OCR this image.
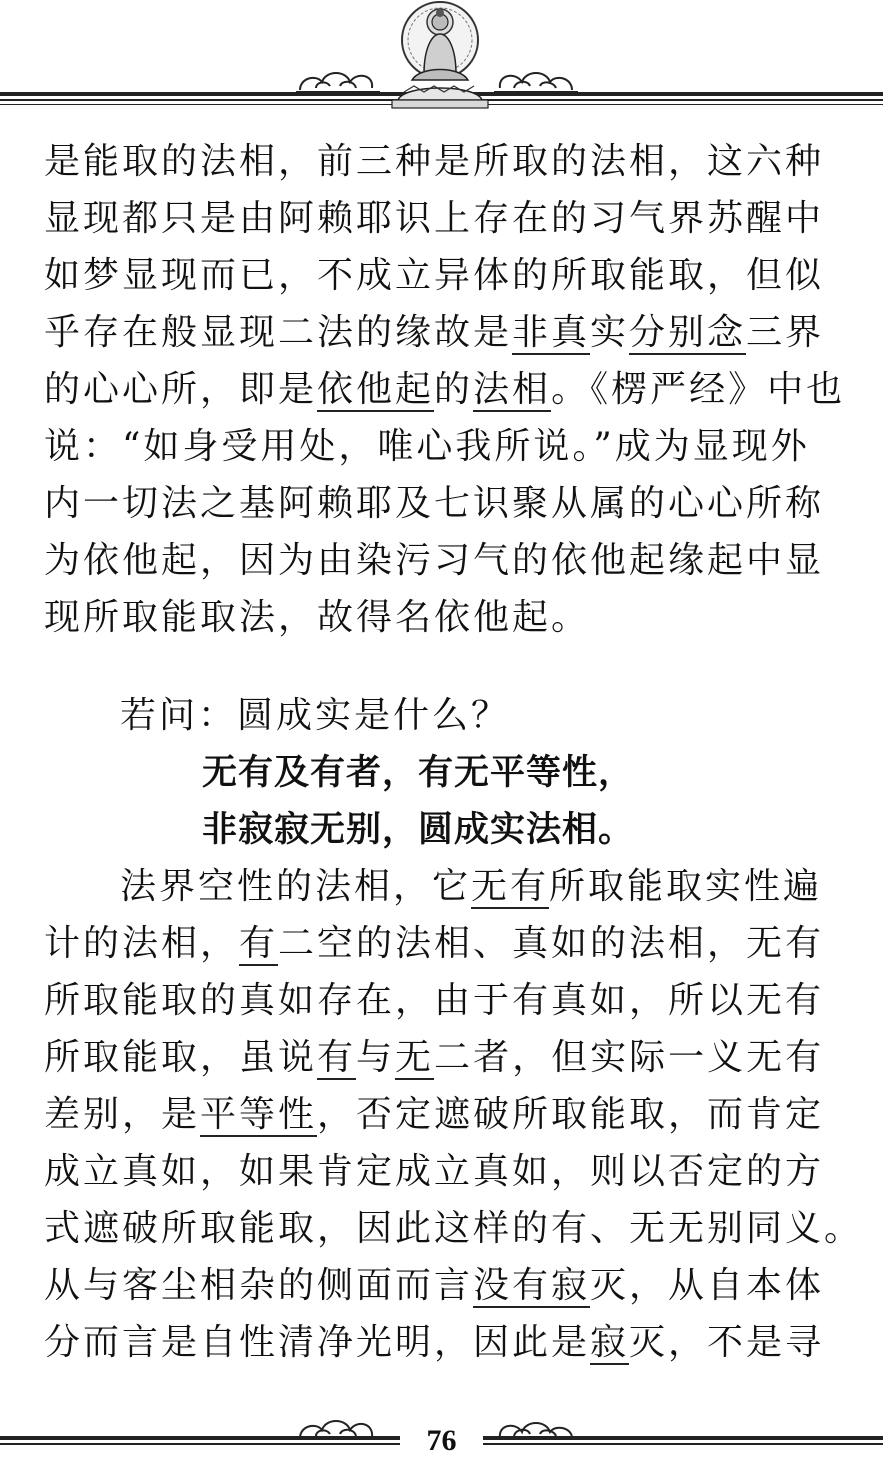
是能取的法相，前三种是所取的法相，这六种
显现都只是由阿赖耶识上存在的习气界苏醒中
如梦显现而已，不成立异体的所取能取，但似
乎存在般显现二法的缘故是非真实分别念三界
的心心所，即是依他起的法相。《楞严经》中也
说：“如身受用处，唯心我所说。”成为显现外
内一切法之基阿赖耶及七识聚从属的心心所称
为依他起，因为由染污习气的依他起缘起中显
现所取能取法，故得名依他起。
若问：圆成实是什么？
无有及有者，有无平等性，
非寂寂无别，圆成实法相。
法界空性的法相，它无有所取能取实性遍
计的法相，有二空的法相、真如的法相，无有
所取能取的真如存在，由于有真如，所以无有
所取能取，虽说有与无二者，但实际一义无有
差别，是平等性，否定遮破所取能取，而肯定
成立真如，如果肯定成立真如，则以否定的方
式遮破所取能取，因此这样的有、无无别同义。
从与客尘相杂的侧面而言没有寂灭，从自本体
分而言是自性清净光明，因此是寂灭，不是寻
76
